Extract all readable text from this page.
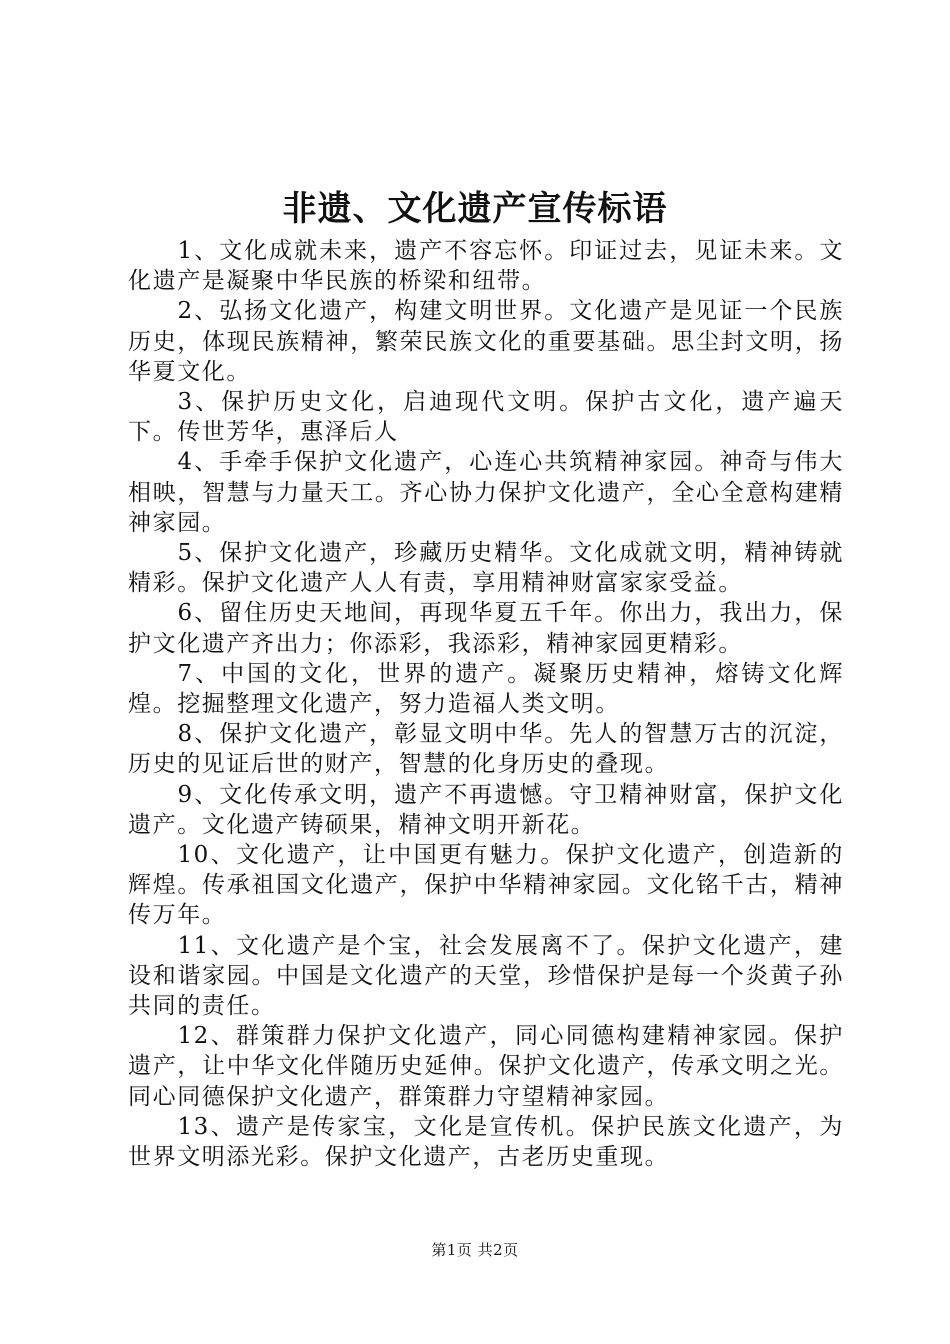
非遗、文化遗产宣传标语

1、文化成就未来，遗产不容忘怀。印证过去，见证未来。文化遗产是凝聚中华民族的桥梁和纽带。

2、弘扬文化遗产，构建文明世界。文化遗产是见证一个民族历史，体现民族精神，繁荣民族文化的重要基础。思尘封文明，扬华夏文化。

3、保护历史文化，启迪现代文明。保护古文化，遗产遍天下。传世芳华，惠泽后人

4、手牵手保护文化遗产，心连心共筑精神家园。神奇与伟大相映，智慧与力量天工。齐心协力保护文化遗产，全心全意构建精神家园。

5、保护文化遗产，珍藏历史精华。文化成就文明，精神铸就精彩。保护文化遗产人人有责，享用精神财富家家受益。

6、留住历史天地间，再现华夏五千年。你出力，我出力，保护文化遗产齐出力；你添彩，我添彩，精神家园更精彩。

7、中国的文化，世界的遗产。凝聚历史精神，熔铸文化辉煌。挖掘整理文化遗产，努力造福人类文明。

8、保护文化遗产，彰显文明中华。先人的智慧万古的沉淀，历史的见证后世的财产，智慧的化身历史的叠现。

9、文化传承文明，遗产不再遗憾。守卫精神财富，保护文化遗产。文化遗产铸硕果，精神文明开新花。

10、文化遗产，让中国更有魅力。保护文化遗产，创造新的辉煌。传承祖国文化遗产，保护中华精神家园。文化铭千古，精神传万年。

11、文化遗产是个宝，社会发展离不了。保护文化遗产，建设和谐家园。中国是文化遗产的天堂，珍惜保护是每一个炎黄子孙共同的责任。

12、群策群力保护文化遗产，同心同德构建精神家园。保护遗产，让中华文化伴随历史延伸。保护文化遗产，传承文明之光。同心同德保护文化遗产，群策群力守望精神家园。

13、遗产是传家宝，文化是宣传机。保护民族文化遗产，为世界文明添光彩。保护文化遗产，古老历史重现。

第1页 共2页
